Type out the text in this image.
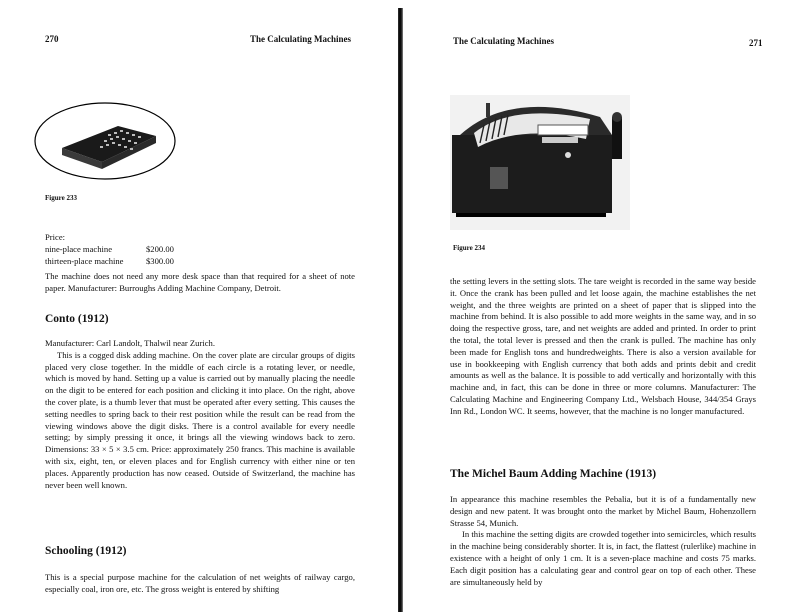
270	The Calculating Machines
Figure 233
Price:
nine-place machine	$200.00
thirteen-place machine	$300.00
The machine does not need any more desk space than that required for a sheet of note paper. Manufacturer: Burroughs Adding Machine Company, Detroit.
Conto (1912)

Manufacturer: Carl Landolt, Thalwil near Zurich.

This is a cogged disk adding machine. On the cover plate are circular groups of digits placed very close together. In the middle of each circle is a rotating lever, or needle, which is moved by hand. Setting up a value is carried out by manually placing the needle on the digit to be entered for each position and clicking it into place. On the right, above the cover plate, is a thumb lever that must be operated after every setting. This causes the setting needles to spring back to their rest position while the result can be read from the viewing windows above the digit disks. There is a control available for every needle setting; by simply pressing it once, it brings all the viewing windows back to zero. Dimensions: 33 × 5 × 3.5 cm. Price: approximately 250 francs. This machine is available with six, eight, ten, or eleven places and for English currency with either nine or ten places. Apparently production has now ceased. Outside of Switzerland, the machine has never been well known.

Schooling (1912)
This is a special purpose machine for the calculation of net weights of railway cargo, especially coal, iron ore, etc. The gross weight is entered by shifting
The Calculating Machines	271
Figure 234
the setting levers in the setting slots. The tare weight is recorded in the same way beside it. Once the crank has been pulled and let loose again, the machine establishes the net weight, and the three weights are printed on a sheet of paper that is slipped into the machine from behind. It is also possible to add more weights in the same way, and in so doing the respective gross, tare, and net weights are added and printed. In order to print the total, the total lever is pressed and then the crank is pulled. The machine has only been made for English tons and hundredweights. There is also a version available for use in bookkeeping with English currency that both adds and prints debit and credit amounts as well as the balance. It is possible to add vertically and horizontally with this machine and, in fact, this can be done in three or more columns. Manufacturer: The Calculating Machine and Engineering Company Ltd., Welsbach House, 344/354 Grays Inn Rd., London WC. It seems, however, that the machine is no longer manufactured.
The Michel Baum Adding Machine (1913)

In appearance this machine resembles the Pebalia, but it is of a fundamentally new design and new patent. It was brought onto the market by Michel Baum, Hohenzollern Strasse 54, Munich.

In this machine the setting digits are crowded together into semicircles, which results in the machine being considerably shorter. It is, in fact, the flattest (rulerlike) machine in existence with a height of only 1 cm. It is a seven-place machine and costs 75 marks. Each digit position has a calculating gear and control gear on top of each other. These are simultaneously held by
